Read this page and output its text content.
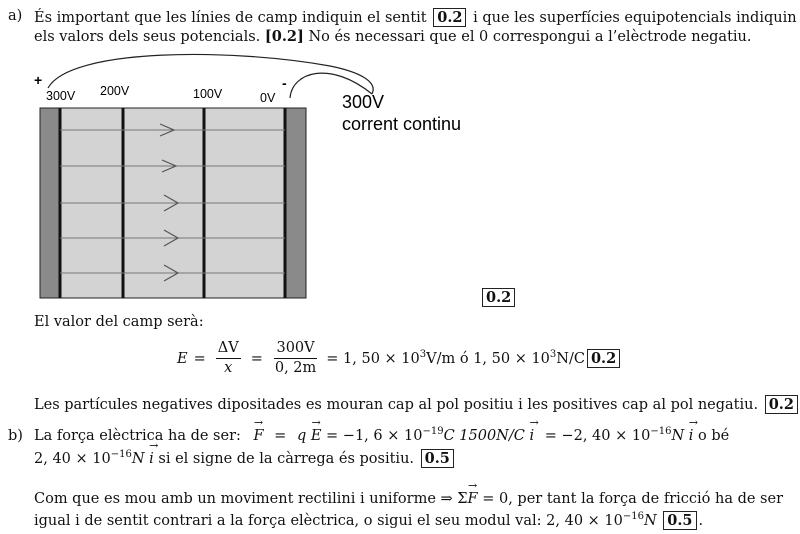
a) És important que les línies de camp indiquin el sentit 0.2 i que les superfícies equipotencials indiquin
els valors dels seus potencials. [0.2] No és necessari que el 0 correspongui a l’elèctrode negatiu.
+
300V 200V	100V	0V
-
300V
corrent continu
0.2
El valor del camp serà:
$E = \frac{\Delta V}{x} = \frac{300V}{0, 2m} = 1$, $50 \times 10^3V/m$ ó 1, $50 \times 10^3N/C$ 0.2
Les partícules negatives dipositades es mouran cap al pol positiu i les positives cap al pol negatiu. 0.2
b) La força elèctrica ha de ser: → F = q → E = −1, $6 \times 10^{-19}C$ 1500N/C → i = −2, $40 \times 10^{-16}N \to i$ o bé
2, $40 \times 10^{-16}N \to i$ si el signe de la càrrega és positiu. 0.5
Com que es mou amb un moviment rectilini i uniforme ⇒ Σ→ F = 0, per tant la força de fricció ha de ser
igual i de sentit contrari a la força elèctrica, o sigui el seu modul val: 2, $40 \times 10^{-16}N$ 0.5 .
